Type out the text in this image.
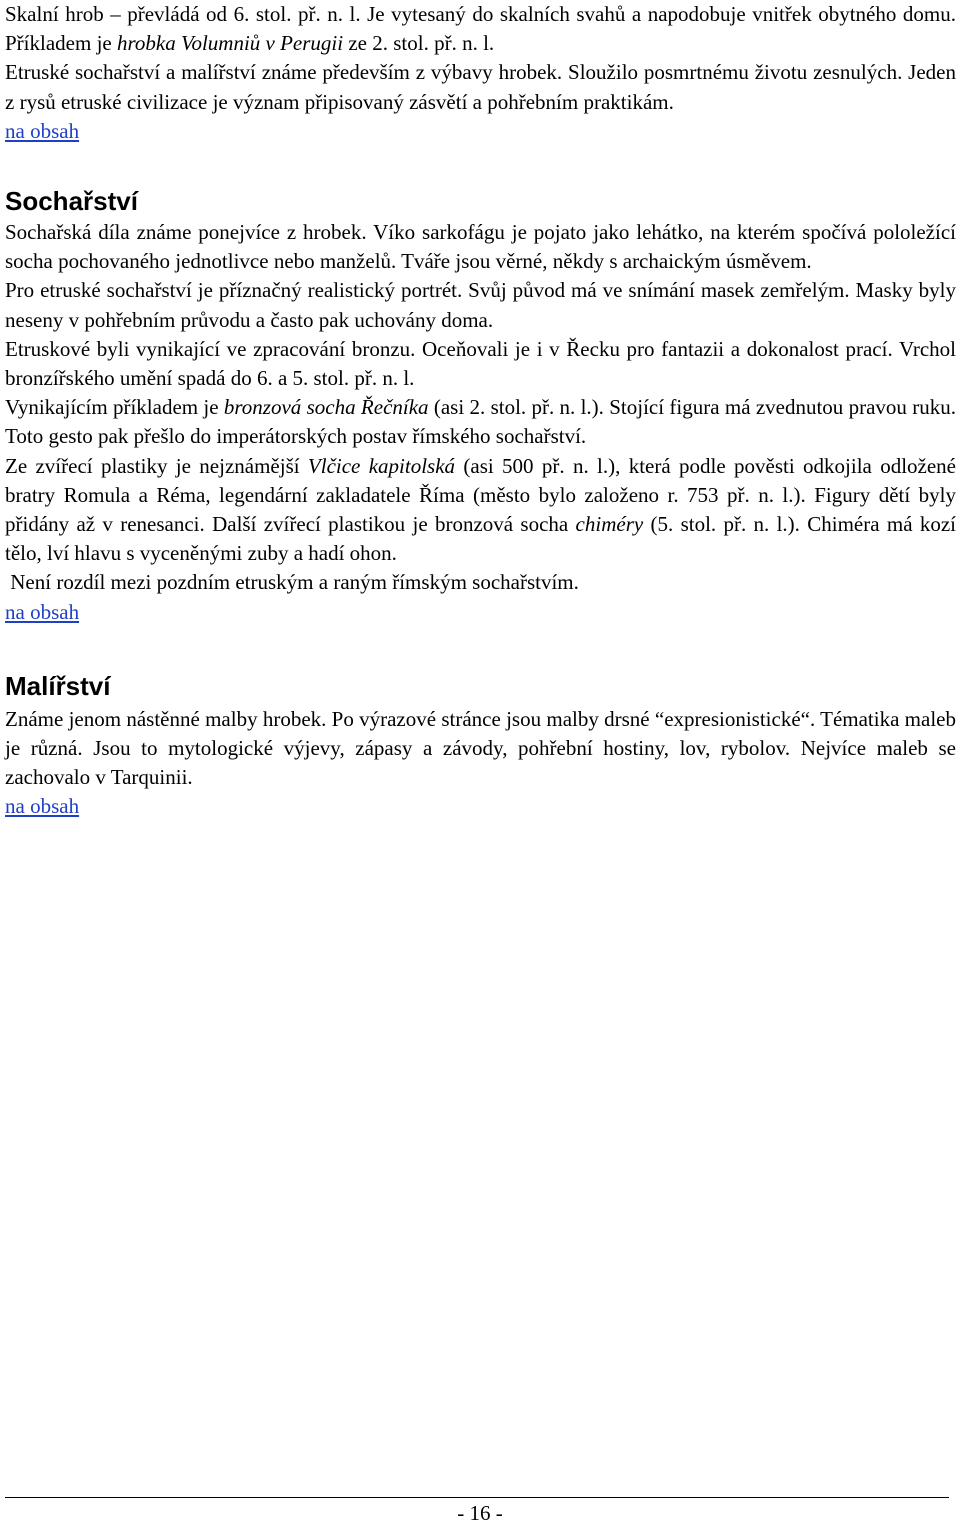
Skalní hrob – převládá od 6. stol. př. n. l. Je vytesaný do skalních svahů a napodobuje vnitřek obytného domu. Příkladem je hrobka Volumniů v Perugii ze 2. stol. př. n. l.

Etruské sochařství a malířství známe především z výbavy hrobek. Sloužilo posmrtnému životu zesnulých. Jeden z rysů etruské civilizace je význam připisovaný zásvětí a pohřebním praktikám.

na obsah

Sochařství

Sochařská díla známe ponejvíce z hrobek. Víko sarkofágu je pojato jako lehátko, na kterém spočívá pololežící socha pochovaného jednotlivce nebo manželů. Tváře jsou věrné, někdy s archaickým úsměvem.

Pro etruské sochařství je příznačný realistický portrét. Svůj původ má ve snímání masek zemřelým. Masky byly neseny v pohřebním průvodu a často pak uchovány doma.

Etruskové byli vynikající ve zpracování bronzu. Oceňovali je i v Řecku pro fantazii a dokonalost prací. Vrchol bronzířského umění spadá do 6. a 5. stol. př. n. l.

Vynikajícím příkladem je bronzová socha Řečníka (asi 2. stol. př. n. l.). Stojící figura má zvednutou pravou ruku. Toto gesto pak přešlo do imperátorských postav římského sochařství.

Ze zvířecí plastiky je nejznámější Vlčice kapitolská (asi 500 př. n. l.), která podle pověsti odkojila odložené bratry Romula a Réma, legendární zakladatele Říma (město bylo založeno r. 753 př. n. l.). Figury dětí byly přidány až v renesanci. Další zvířecí plastikou je bronzová socha chiméry (5. stol. př. n. l.). Chiméra má kozí tělo, lví hlavu s vyceněnými zuby a hadí ohon.

Není rozdíl mezi pozdním etruským a raným římským sochařstvím.

na obsah

Malířství

Známe jenom nástěnné malby hrobek. Po výrazové stránce jsou malby drsné “expresionistické“. Tématika maleb je různá. Jsou to mytologické výjevy, zápasy a závody, pohřební hostiny, lov, rybolov. Nejvíce maleb se zachovalo v Tarquinii.

na obsah

- 16 -
